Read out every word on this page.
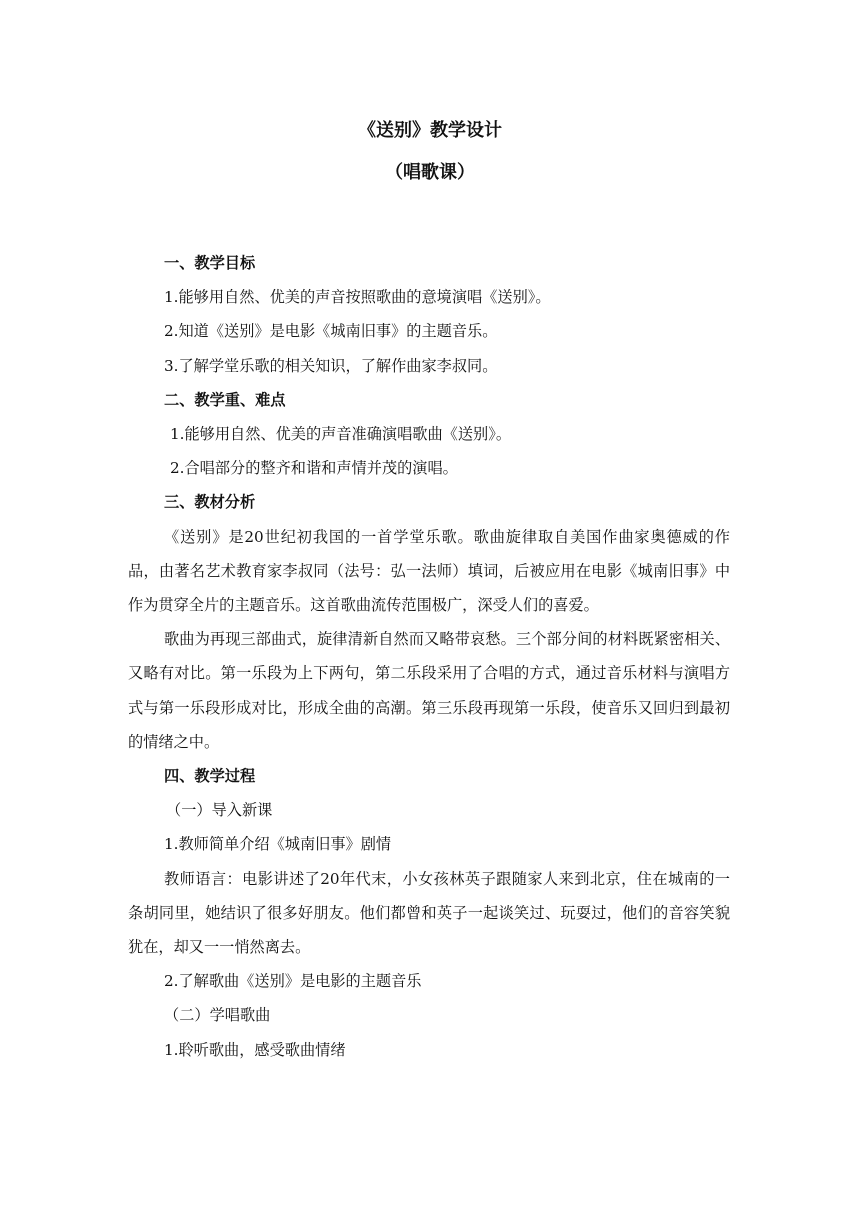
《送别》教学设计
（唱歌课）

一、教学目标

1.能够用自然、优美的声音按照歌曲的意境演唱《送别》。

2.知道《送别》是电影《城南旧事》的主题音乐。

3.了解学堂乐歌的相关知识，了解作曲家李叔同。

二、教学重、难点

1.能够用自然、优美的声音准确演唱歌曲《送别》。

2.合唱部分的整齐和谐和声情并茂的演唱。

三、教材分析

《送别》是20世纪初我国的一首学堂乐歌。歌曲旋律取自美国作曲家奥德威的作品，由著名艺术教育家李叔同（法号：弘一法师）填词，后被应用在电影《城南旧事》中作为贯穿全片的主题音乐。这首歌曲流传范围极广，深受人们的喜爱。

歌曲为再现三部曲式，旋律清新自然而又略带哀愁。三个部分间的材料既紧密相关、又略有对比。第一乐段为上下两句，第二乐段采用了合唱的方式，通过音乐材料与演唱方式与第一乐段形成对比，形成全曲的高潮。第三乐段再现第一乐段，使音乐又回归到最初的情绪之中。

四、教学过程

（一）导入新课

1.教师简单介绍《城南旧事》剧情

教师语言：电影讲述了20年代末，小女孩林英子跟随家人来到北京，住在城南的一条胡同里，她结识了很多好朋友。他们都曾和英子一起谈笑过、玩耍过，他们的音容笑貌犹在，却又一一悄然离去。

2.了解歌曲《送别》是电影的主题音乐

（二）学唱歌曲

1.聆听歌曲，感受歌曲情绪
